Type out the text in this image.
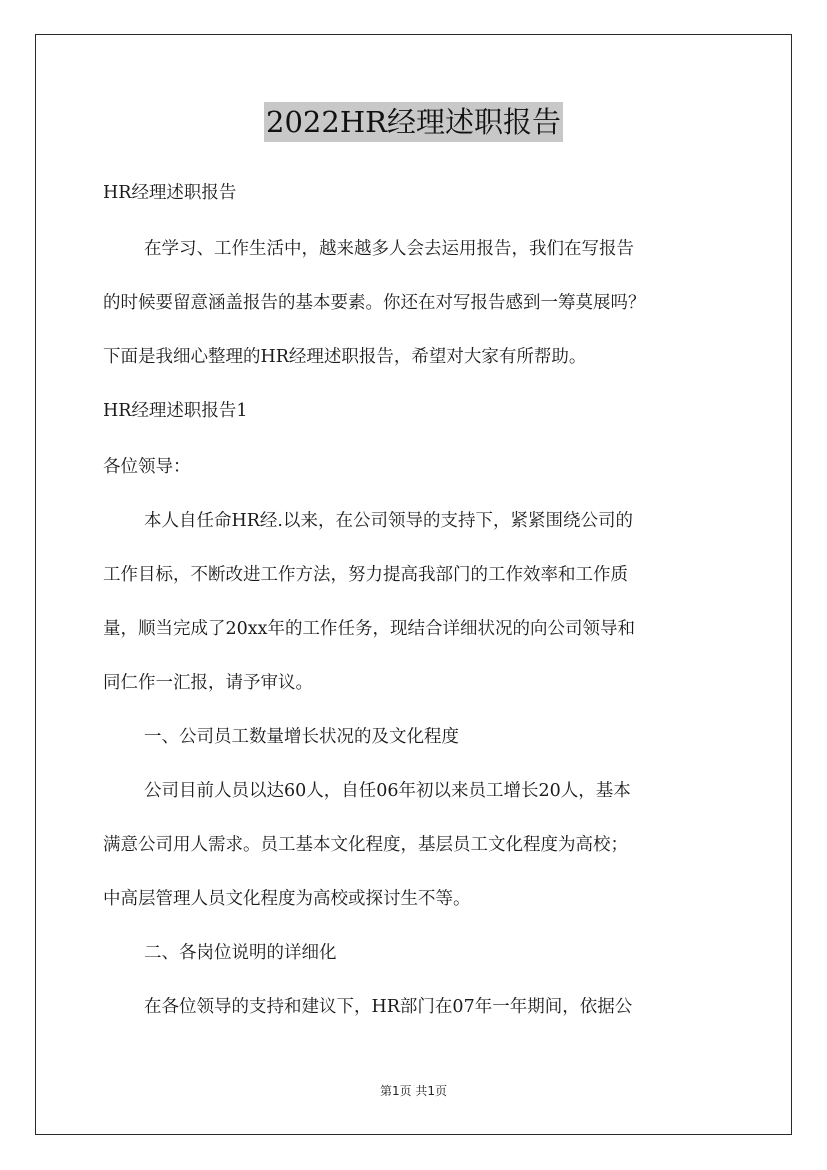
2022HR经理述职报告
HR经理述职报告
在学习、工作生活中，越来越多人会去运用报告，我们在写报告
的时候要留意涵盖报告的基本要素。你还在对写报告感到一筹莫展吗？
下面是我细心整理的HR经理述职报告，希望对大家有所帮助。
HR经理述职报告1
各位领导：
本人自任命HR经.以来，在公司领导的支持下，紧紧围绕公司的
工作目标，不断改进工作方法，努力提高我部门的工作效率和工作质
量，顺当完成了20xx年的工作任务，现结合详细状况的向公司领导和
同仁作一汇报，请予审议。
一、公司员工数量增长状况的及文化程度
公司目前人员以达60人，自任06年初以来员工增长20人，基本
满意公司用人需求。员工基本文化程度，基层员工文化程度为高校；
中高层管理人员文化程度为高校或探讨生不等。
二、各岗位说明的详细化
在各位领导的支持和建议下，HR部门在07年一年期间，依据公
第1页 共1页
